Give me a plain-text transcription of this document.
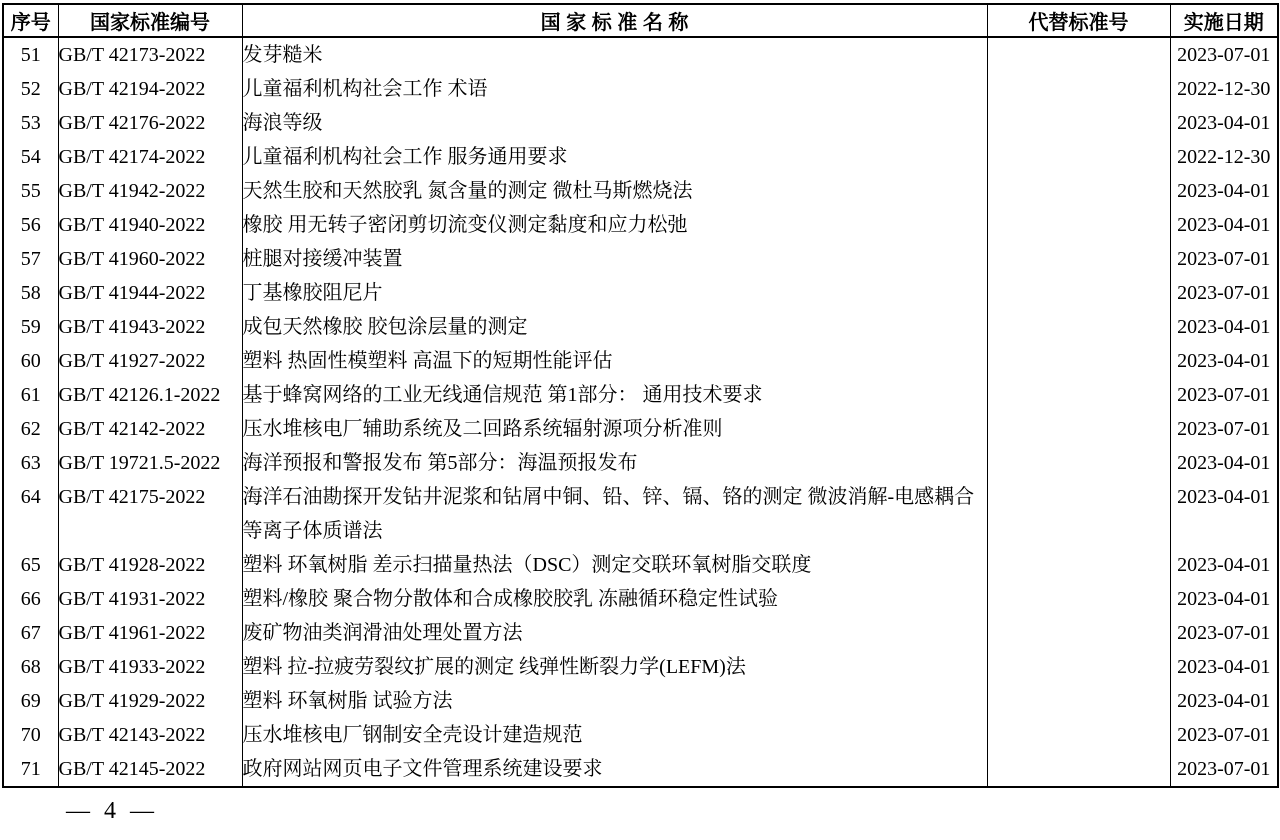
序号	国家标准编号	国 家 标 准 名 称	代替标准号	实施日期
51	GB/T 42173-2022	发芽糙米		2023-07-01
52	GB/T 42194-2022	儿童福利机构社会工作 术语		2022-12-30
53	GB/T 42176-2022	海浪等级		2023-04-01
54	GB/T 42174-2022	儿童福利机构社会工作 服务通用要求		2022-12-30
55	GB/T 41942-2022	天然生胶和天然胶乳 氮含量的测定 微杜马斯燃烧法		2023-04-01
56	GB/T 41940-2022	橡胶 用无转子密闭剪切流变仪测定黏度和应力松弛		2023-04-01
57	GB/T 41960-2022	桩腿对接缓冲装置		2023-07-01
58	GB/T 41944-2022	丁基橡胶阻尼片		2023-07-01
59	GB/T 41943-2022	成包天然橡胶 胶包涂层量的测定		2023-04-01
60	GB/T 41927-2022	塑料 热固性模塑料 高温下的短期性能评估		2023-04-01
61	GB/T 42126.1-2022	基于蜂窝网络的工业无线通信规范 第1部分： 通用技术要求		2023-07-01
62	GB/T 42142-2022	压水堆核电厂辅助系统及二回路系统辐射源项分析准则		2023-07-01
63	GB/T 19721.5-2022	海洋预报和警报发布 第5部分：海温预报发布		2023-04-01
64	GB/T 42175-2022	海洋石油勘探开发钻井泥浆和钻屑中铜、铅、锌、镉、铬的测定 微波消解-电感耦合等离子体质谱法		2023-04-01
65	GB/T 41928-2022	塑料 环氧树脂 差示扫描量热法（DSC）测定交联环氧树脂交联度		2023-04-01
66	GB/T 41931-2022	塑料/橡胶 聚合物分散体和合成橡胶胶乳 冻融循环稳定性试验		2023-04-01
67	GB/T 41961-2022	废矿物油类润滑油处理处置方法		2023-07-01
68	GB/T 41933-2022	塑料 拉-拉疲劳裂纹扩展的测定 线弹性断裂力学(LEFM)法		2023-04-01
69	GB/T 41929-2022	塑料 环氧树脂 试验方法		2023-04-01
70	GB/T 42143-2022	压水堆核电厂钢制安全壳设计建造规范		2023-07-01
71	GB/T 42145-2022	政府网站网页电子文件管理系统建设要求		2023-07-01
— 4 —
